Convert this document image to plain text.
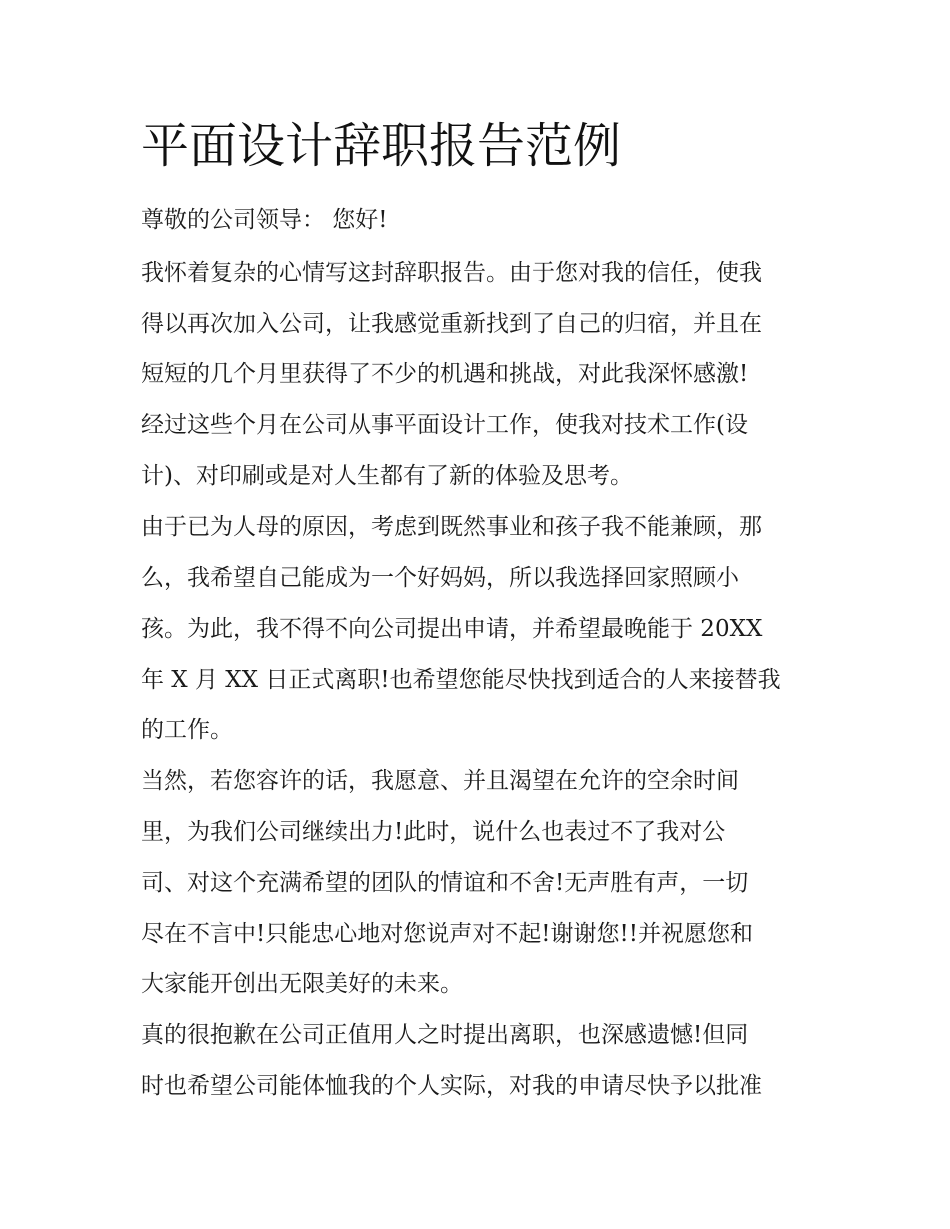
平面设计辞职报告范例

尊敬的公司领导： 您好!

我怀着复杂的心情写这封辞职报告。由于您对我的信任，使我

得以再次加入公司，让我感觉重新找到了自己的归宿，并且在

短短的几个月里获得了不少的机遇和挑战，对此我深怀感激!

经过这些个月在公司从事平面设计工作，使我对技术工作(设

计)、对印刷或是对人生都有了新的体验及思考。

由于已为人母的原因，考虑到既然事业和孩子我不能兼顾，那

么，我希望自己能成为一个好妈妈，所以我选择回家照顾小

孩。为此，我不得不向公司提出申请，并希望最晚能于 20XX

年 X 月 XX 日正式离职!也希望您能尽快找到适合的人来接替我

的工作。

当然，若您容许的话，我愿意、并且渴望在允许的空余时间

里，为我们公司继续出力!此时，说什么也表过不了我对公

司、对这个充满希望的团队的情谊和不舍!无声胜有声，一切

尽在不言中!只能忠心地对您说声对不起!谢谢您!!并祝愿您和

大家能开创出无限美好的未来。

真的很抱歉在公司正值用人之时提出离职，也深感遗憾!但同

时也希望公司能体恤我的个人实际，对我的申请尽快予以批准
